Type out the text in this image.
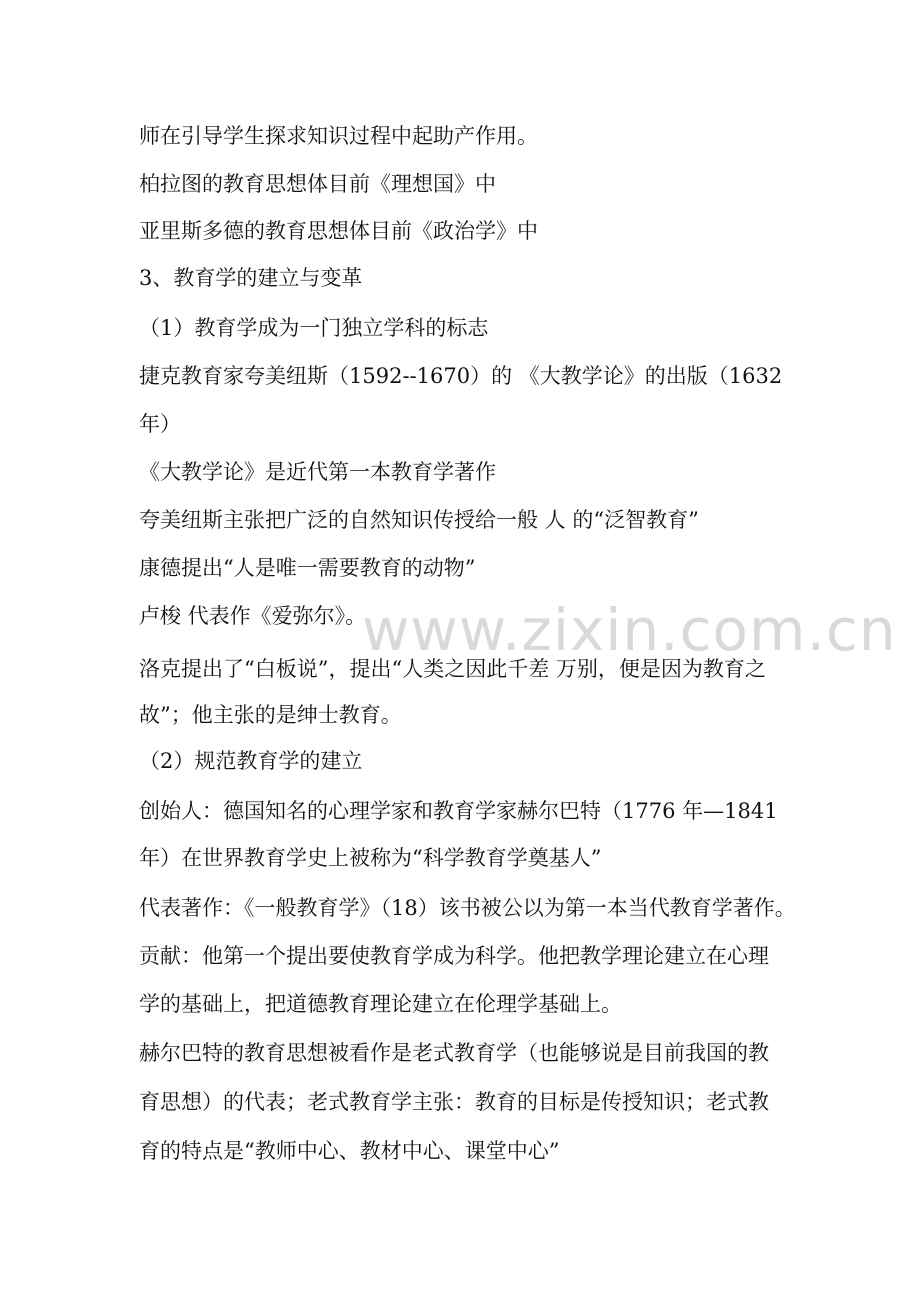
师在引导学生探求知识过程中起助产作用。
柏拉图的教育思想体目前《理想国》中
亚里斯多德的教育思想体目前《政治学》中
3、教育学的建立与变革
（1）教育学成为一门独立学科的标志
捷克教育家夸美纽斯（1592--1670）的 《大教学论》的出版（1632
年）
《大教学论》是近代第一本教育学著作
夸美纽斯主张把广泛的自然知识传授给一般 人 的“泛智教育”
康德提出“人是唯一需要教育的动物”
卢梭 代表作《爱弥尔》。
洛克提出了“白板说”，提出“人类之因此千差 万别，便是因为教育之
故”；他主张的是绅士教育。
（2）规范教育学的建立
创始人：德国知名的心理学家和教育学家赫尔巴特（1776 年—1841
年）在世界教育学史上被称为“科学教育学奠基人”
代表著作：《一般教育学》（18）该书被公以为第一本当代教育学著作。
贡献：他第一个提出要使教育学成为科学。他把教学理论建立在心理
学的基础上，把道德教育理论建立在伦理学基础上。
赫尔巴特的教育思想被看作是老式教育学（也能够说是目前我国的教
育思想）的代表；老式教育学主张：教育的目标是传授知识；老式教
育的特点是“教师中心、教材中心、课堂中心”
www.zixin.com.cn
